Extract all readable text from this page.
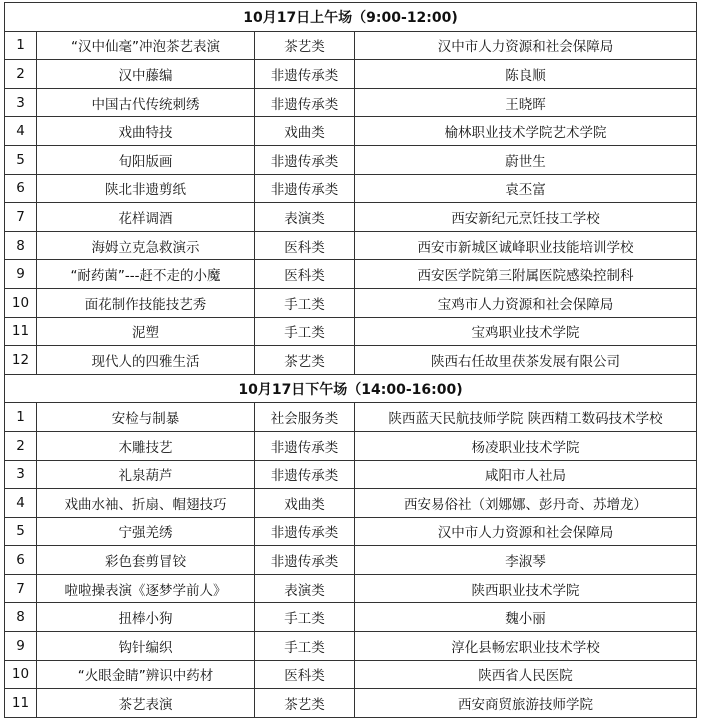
10月17日上午场（9:00-12:00)			
1	“汉中仙毫”冲泡茶艺表演	茶艺类	汉中市人力资源和社会保障局
2	汉中藤编	非遗传承类	陈良顺
3	中国古代传统刺绣	非遗传承类	王晓晖
4	戏曲特技	戏曲类	榆林职业技术学院艺术学院
5	旬阳版画	非遗传承类	蔚世生
6	陕北非遗剪纸	非遗传承类	袁丕富
7	花样调酒	表演类	西安新纪元烹饪技工学校
8	海姆立克急救演示	医科类	西安市新城区诚峰职业技能培训学校
9	“耐药菌”---赶不走的小魔	医科类	西安医学院第三附属医院感染控制科
10	面花制作技能技艺秀	手工类	宝鸡市人力资源和社会保障局
11	泥塑	手工类	宝鸡职业技术学院
12	现代人的四雅生活	茶艺类	陕西右任故里茯茶发展有限公司
10月17日下午场（14:00-16:00)			
1	安检与制暴	社会服务类	陕西蓝天民航技师学院 陕西精工数码技术学校
2	木雕技艺	非遗传承类	杨凌职业技术学院
3	礼泉葫芦	非遗传承类	咸阳市人社局
4	戏曲水袖、折扇、帽翅技巧	戏曲类	西安易俗社（刘娜娜、彭丹奇、苏增龙）
5	宁强羌绣	非遗传承类	汉中市人力资源和社会保障局
6	彩色套剪冒铰	非遗传承类	李淑琴
7	啦啦操表演《逐梦学前人》	表演类	陕西职业技术学院
8	扭棒小狗	手工类	魏小丽
9	钩针编织	手工类	淳化县畅宏职业技术学校
10	“火眼金睛”辨识中药材	医科类	陕西省人民医院
11	茶艺表演	茶艺类	西安商贸旅游技师学院
